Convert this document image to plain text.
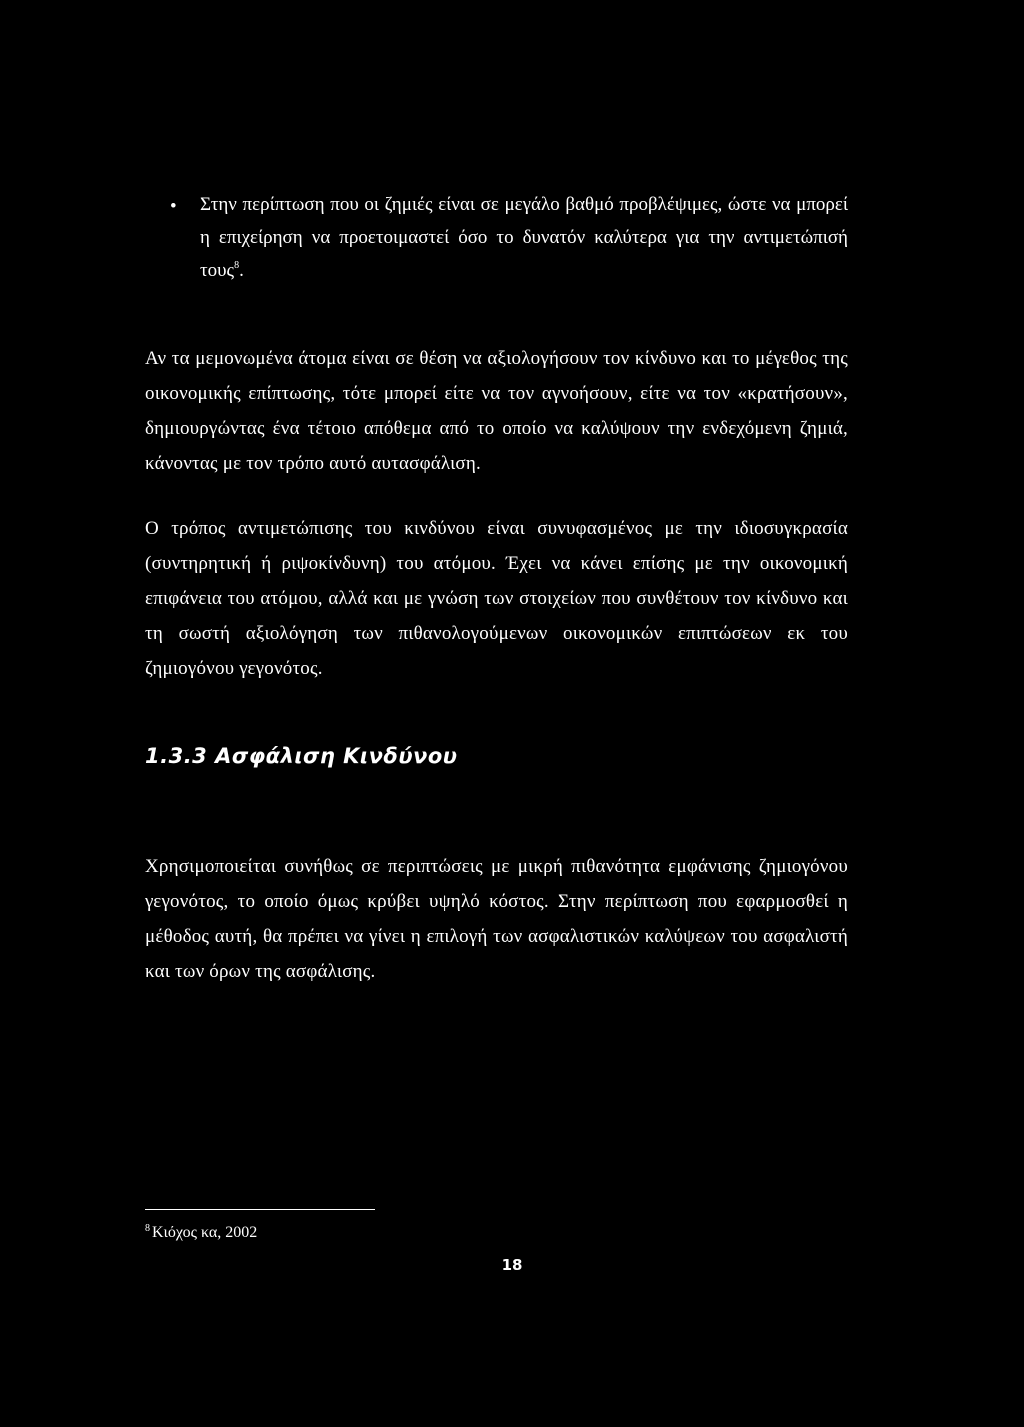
• Στην περίπτωση που οι ζημιές είναι σε μεγάλο βαθμό προβλέψιμες, ώστε να μπορεί η επιχείρηση να προετοιμαστεί όσο το δυνατόν καλύτερα για την αντιμετώπισή τους$^8$.

Αν τα μεμονωμένα άτομα είναι σε θέση να αξιολογήσουν τον κίνδυνο και το μέγεθος της οικονομικής επίπτωσης, τότε μπορεί είτε να τον αγνοήσουν, είτε να τον «κρατήσουν», δημιουργώντας ένα τέτοιο απόθεμα από το οποίο να καλύψουν την ενδεχόμενη ζημιά, κάνοντας με τον τρόπο αυτό αυτασφάλιση.

Ο τρόπος αντιμετώπισης του κινδύνου είναι συνυφασμένος με την ιδιοσυγκρασία (συντηρητική ή ριψοκίνδυνη) του ατόμου. Έχει να κάνει επίσης με την οικονομική επιφάνεια του ατόμου, αλλά και με γνώση των στοιχείων που συνθέτουν τον κίνδυνο και τη σωστή αξιολόγηση των πιθανολογούμενων οικονομικών επιπτώσεων εκ του ζημιογόνου γεγονότος.

1.3.3 Ασφάλιση Κινδύνου

Χρησιμοποιείται συνήθως σε περιπτώσεις με μικρή πιθανότητα εμφάνισης ζημιογόνου γεγονότος, το οποίο όμως κρύβει υψηλό κόστος. Στην περίπτωση που εφαρμοσθεί η μέθοδος αυτή, θα πρέπει να γίνει η επιλογή των ασφαλιστικών καλύψεων του ασφαλιστή και των όρων της ασφάλισης.

$^8$ Κιόχος κα, 2002
18
